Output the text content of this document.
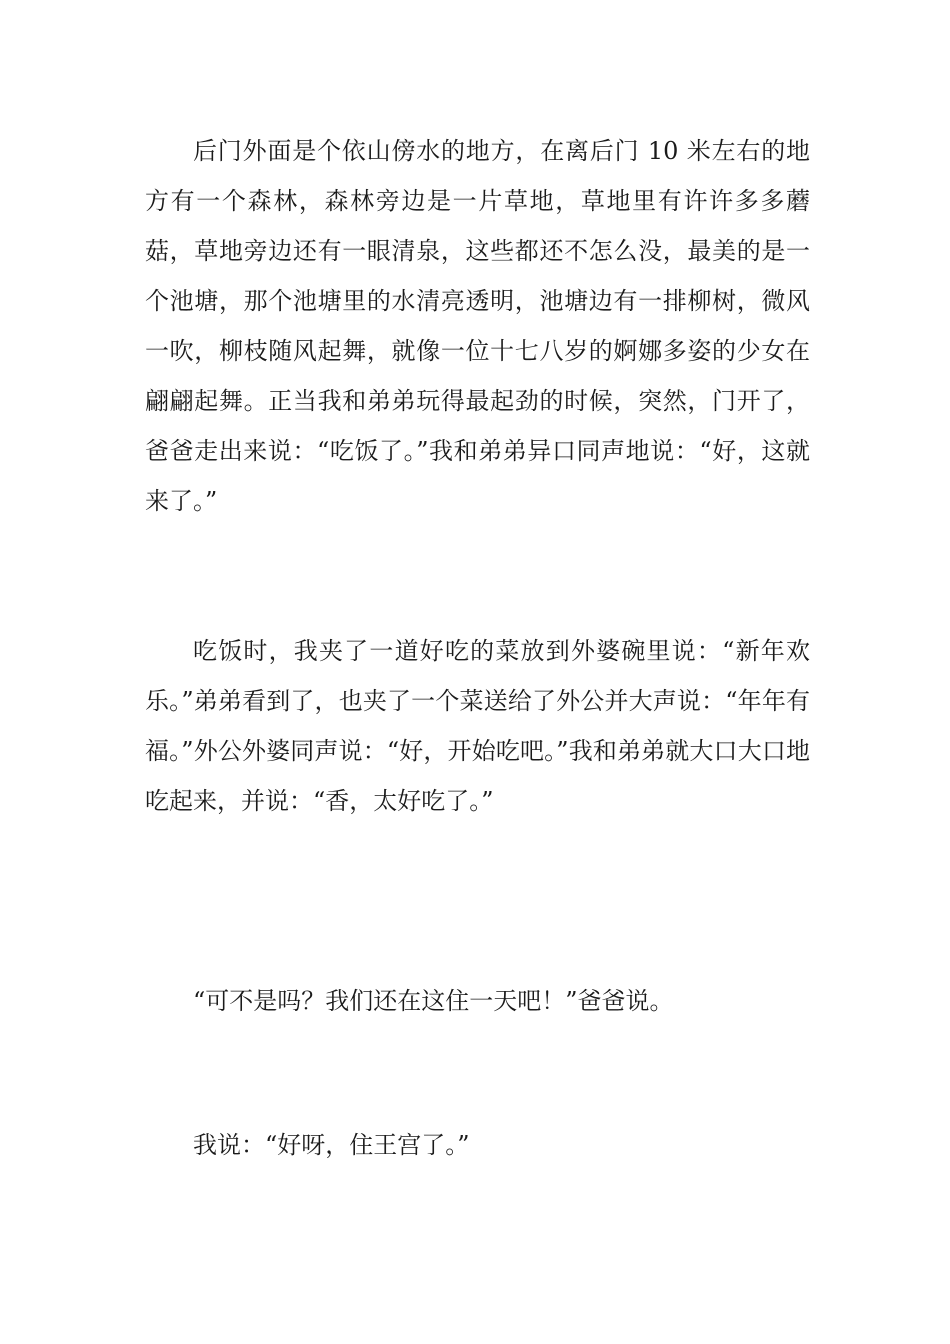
后门外面是个依山傍水的地方，在离后门 10 米左右的地方有一个森林，森林旁边是一片草地，草地里有许许多多蘑菇，草地旁边还有一眼清泉，这些都还不怎么没，最美的是一个池塘，那个池塘里的水清亮透明，池塘边有一排柳树，微风一吹，柳枝随风起舞，就像一位十七八岁的婀娜多姿的少女在翩翩起舞。正当我和弟弟玩得最起劲的时候，突然，门开了，爸爸走出来说：“吃饭了。”我和弟弟异口同声地说：“好，这就来了。”

吃饭时，我夹了一道好吃的菜放到外婆碗里说：“新年欢乐。”弟弟看到了，也夹了一个菜送给了外公并大声说：“年年有福。”外公外婆同声说：“好，开始吃吧。”我和弟弟就大口大口地吃起来，并说：“香，太好吃了。”

“可不是吗？我们还在这住一天吧！”爸爸说。

我说：“好呀，住王宫了。”
